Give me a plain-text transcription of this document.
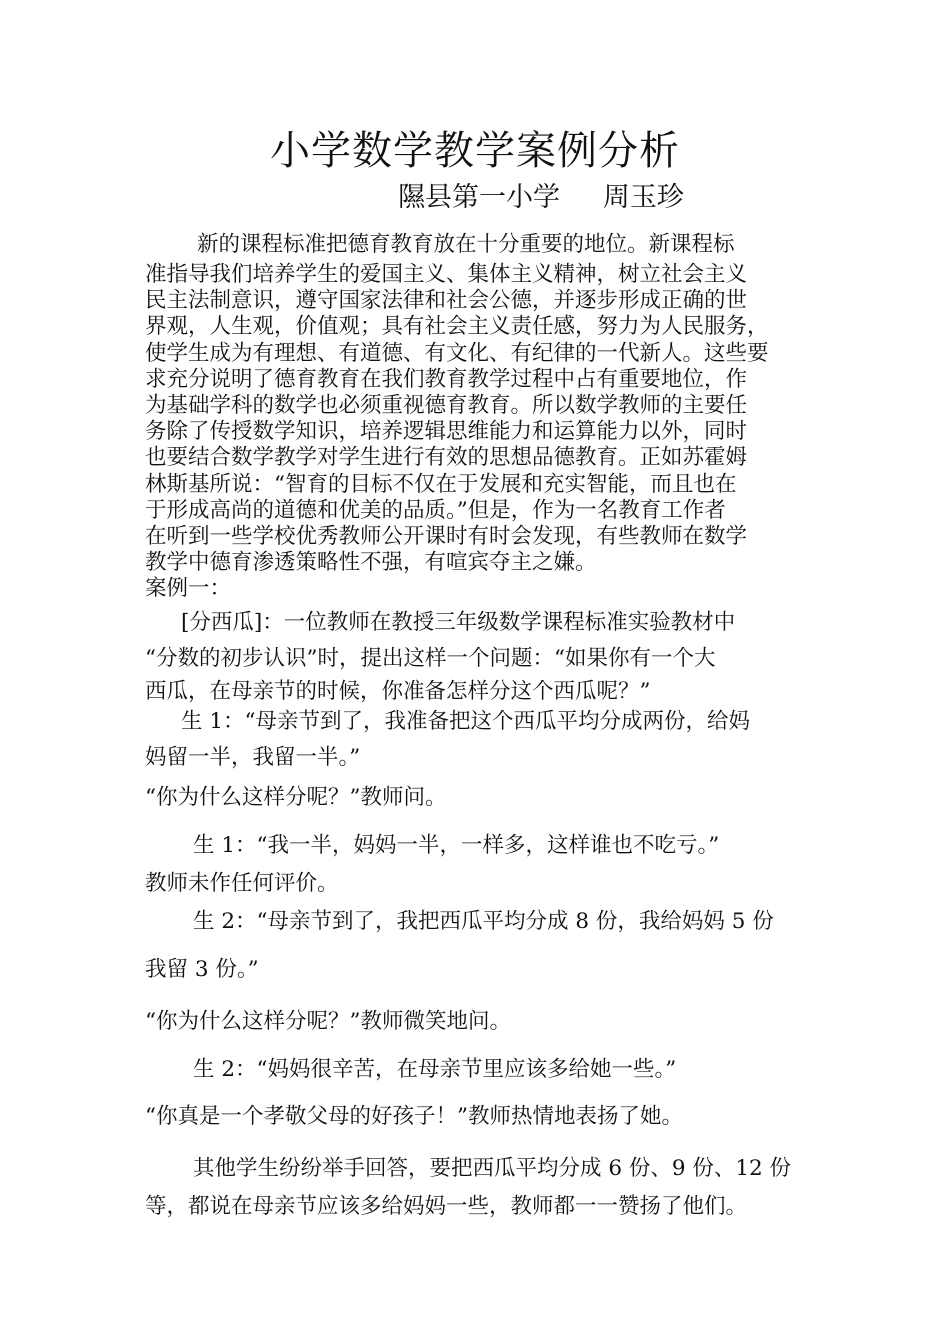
小学数学教学案例分析
隰县第一小学     周玉珍
新的课程标准把德育教育放在十分重要的地位。新课程标
准指导我们培养学生的爱国主义、集体主义精神，树立社会主义
民主法制意识，遵守国家法律和社会公德，并逐步形成正确的世
界观，人生观，价值观；具有社会主义责任感，努力为人民服务，
使学生成为有理想、有道德、有文化、有纪律的一代新人。这些要
求充分说明了德育教育在我们教育教学过程中占有重要地位，作
为基础学科的数学也必须重视德育教育。所以数学教师的主要任
务除了传授数学知识，培养逻辑思维能力和运算能力以外，同时
也要结合数学教学对学生进行有效的思想品德教育。正如苏霍姆
林斯基所说：“智育的目标不仅在于发展和充实智能，而且也在
于形成高尚的道德和优美的品质。”但是，作为一名教育工作者
在听到一些学校优秀教师公开课时有时会发现，有些教师在数学
教学中德育渗透策略性不强，有喧宾夺主之嫌。
案例一：
[分西瓜]：一位教师在教授三年级数学课程标准实验教材中
“分数的初步认识”时，提出这样一个问题：“如果你有一个大
西瓜，在母亲节的时候，你准备怎样分这个西瓜呢？”
生 1：“母亲节到了，我准备把这个西瓜平均分成两份，给妈
妈留一半，我留一半。”
“你为什么这样分呢？”教师问。
生 1：“我一半，妈妈一半，一样多，这样谁也不吃亏。”
教师未作任何评价。
生 2：“母亲节到了，我把西瓜平均分成 8 份，我给妈妈 5 份
我留 3 份。”
“你为什么这样分呢？”教师微笑地问。
生 2：“妈妈很辛苦，在母亲节里应该多给她一些。”
“你真是一个孝敬父母的好孩子！”教师热情地表扬了她。
其他学生纷纷举手回答，要把西瓜平均分成 6 份、9 份、12 份
等，都说在母亲节应该多给妈妈一些，教师都一一赞扬了他们。
